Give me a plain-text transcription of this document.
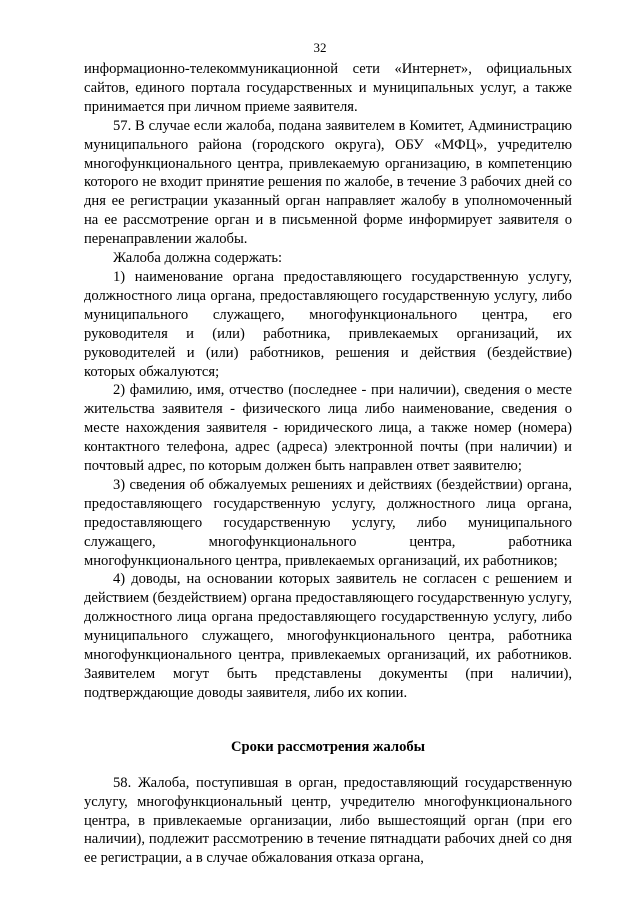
32

информационно-телекоммуникационной сети «Интернет», официальных сайтов, единого портала государственных и муниципальных услуг, а также принимается при личном приеме заявителя.

57. В случае если жалоба, подана заявителем в Комитет, Администрацию муниципального района (городского округа), ОБУ «МФЦ», учредителю многофункционального центра, привлекаемую организацию, в компетенцию которого не входит принятие решения по жалобе, в течение 3 рабочих дней со дня ее регистрации указанный орган направляет жалобу в уполномоченный на ее рассмотрение орган и в письменной форме информирует заявителя о перенаправлении жалобы.

Жалоба должна содержать:

1) наименование органа предоставляющего государственную услугу, должностного лица органа, предоставляющего государственную услугу, либо муниципального служащего, многофункционального центра, его руководителя и (или) работника, привлекаемых организаций, их руководителей и (или) работников, решения и действия (бездействие) которых обжалуются;

2) фамилию, имя, отчество (последнее - при наличии), сведения о месте жительства заявителя - физического лица либо наименование, сведения о месте нахождения заявителя - юридического лица, а также номер (номера) контактного телефона, адрес (адреса) электронной почты (при наличии) и почтовый адрес, по которым должен быть направлен ответ заявителю;

3) сведения об обжалуемых решениях и действиях (бездействии) органа, предоставляющего государственную услугу, должностного лица органа, предоставляющего государственную услугу, либо муниципального служащего, многофункционального центра, работника многофункционального центра, привлекаемых организаций, их работников;

4) доводы, на основании которых заявитель не согласен с решением и действием (бездействием) органа предоставляющего государственную услугу, должностного лица органа предоставляющего государственную услугу, либо муниципального служащего, многофункционального центра, работника многофункционального центра, привлекаемых организаций, их работников. Заявителем могут быть представлены документы (при наличии), подтверждающие доводы заявителя, либо их копии.

Сроки рассмотрения жалобы

58. Жалоба, поступившая в орган, предоставляющий государственную услугу, многофункциональный центр, учредителю многофункционального центра, в привлекаемые организации, либо вышестоящий орган (при его наличии), подлежит рассмотрению в течение пятнадцати рабочих дней со дня ее регистрации, а в случае обжалования отказа органа,
